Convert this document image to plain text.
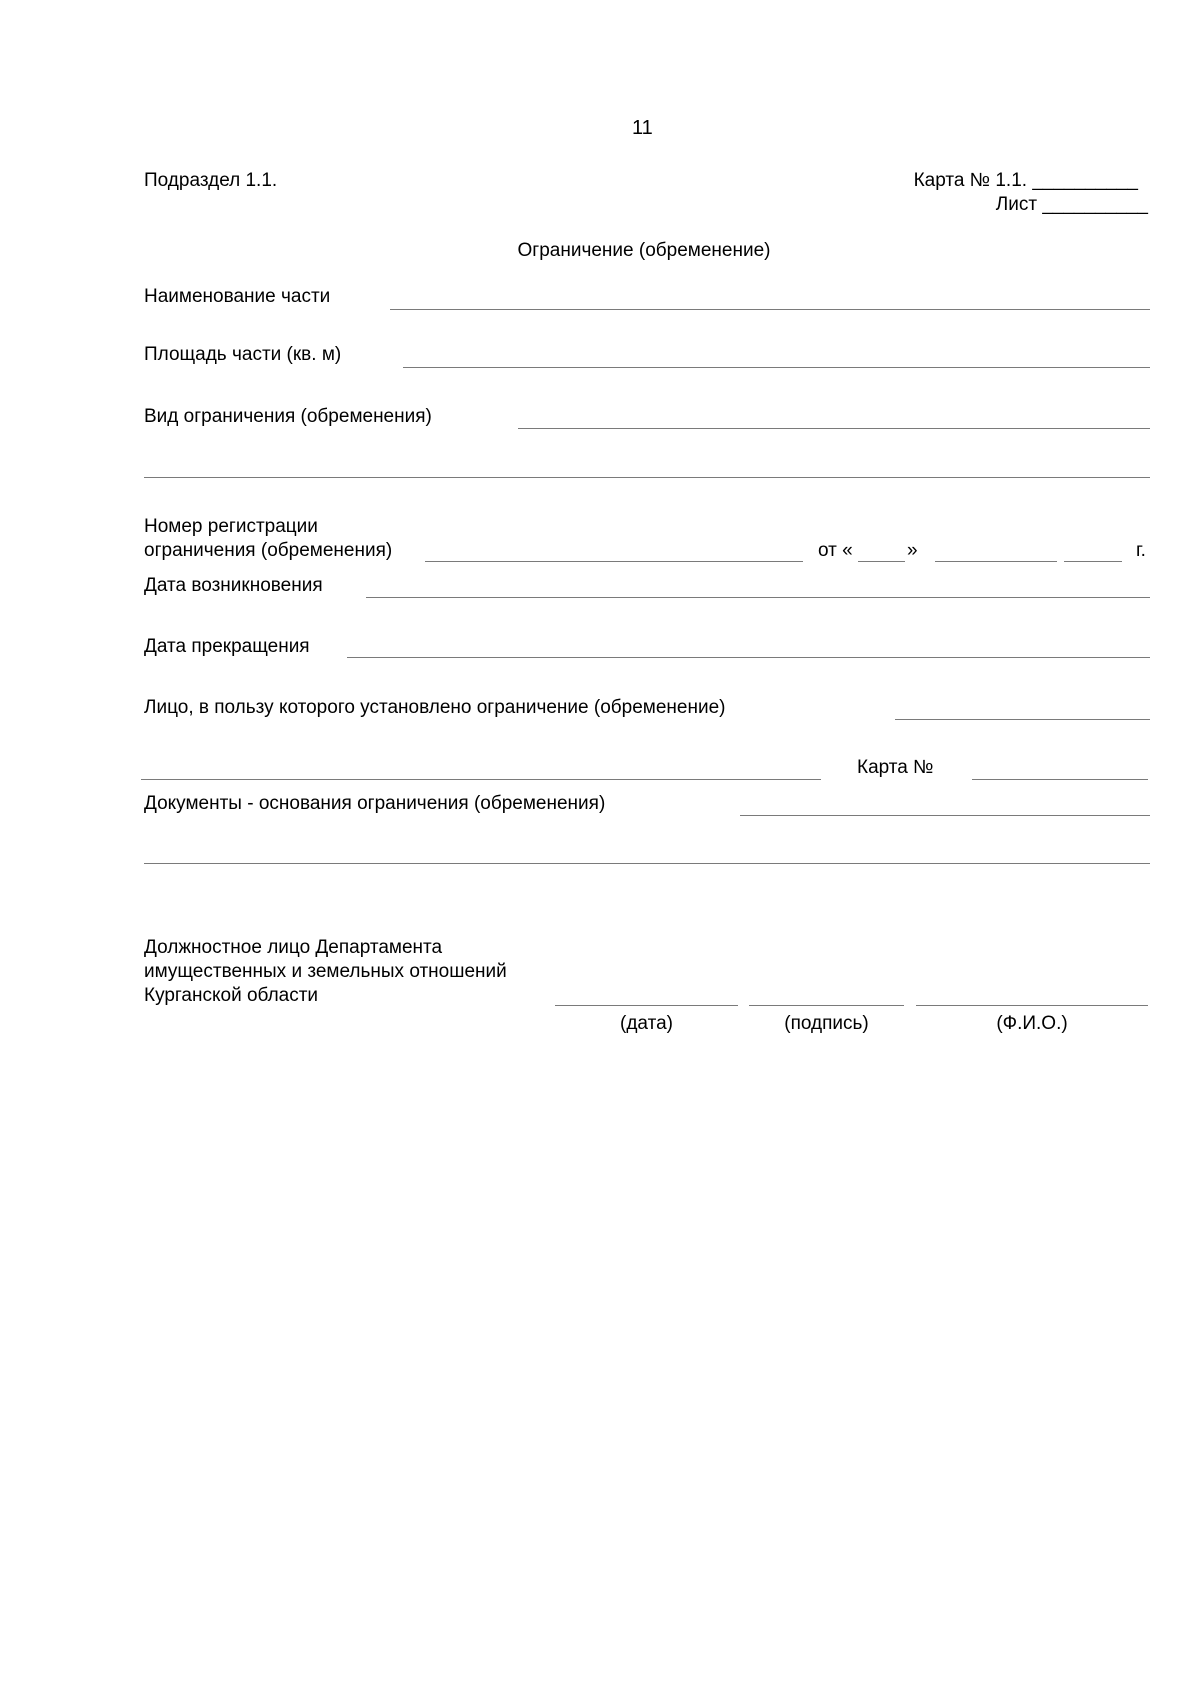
11
Подраздел 1.1.	Карта № 1.1. __________
Лист __________
Ограничение (обременение)
Наименование части
Площадь части (кв. м)
Вид ограничения (обременения)
Номер регистрации
ограничения (обременения)	от «	»	г.
Дата возникновения
Дата прекращения
Лицо, в пользу которого установлено ограничение (обременение)
Карта №
Документы - основания ограничения (обременения)
Должностное лицо Департамента
имущественных и земельных отношений
Курганской области
(дата)	(подпись)	(Ф.И.О.)
